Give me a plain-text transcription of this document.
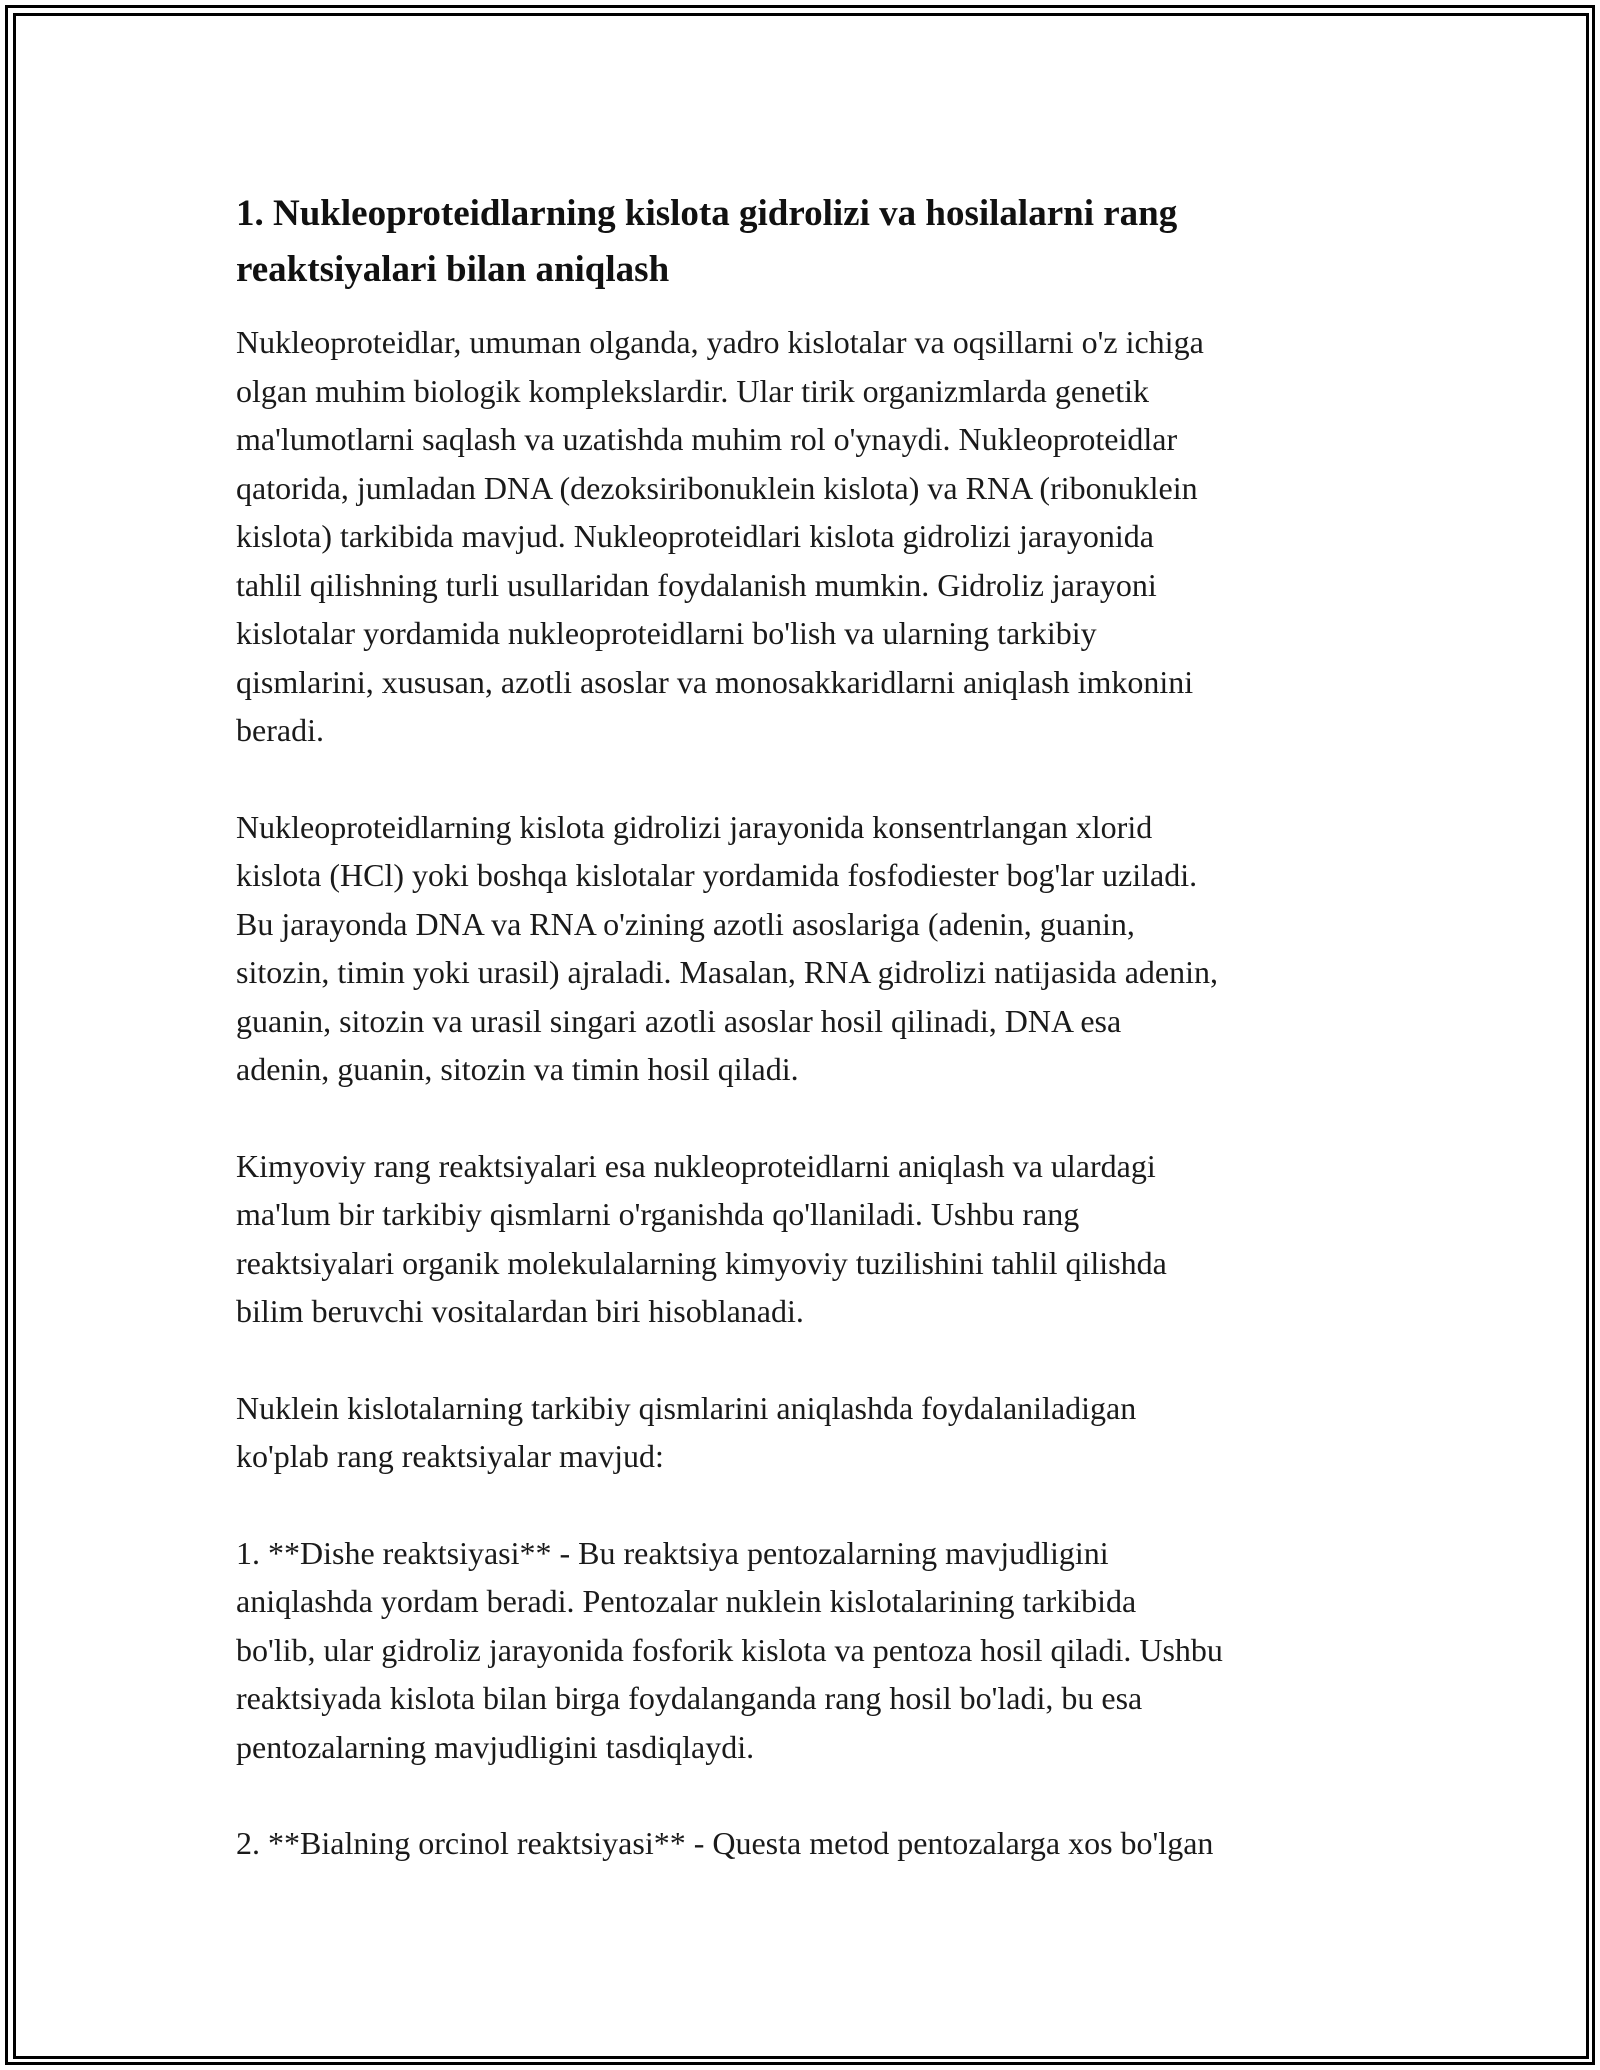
1. Nukleoproteidlarning kislota gidrolizi va hosilalarni rang
reaktsiyalari bilan aniqlash
Nukleoproteidlar, umuman olganda, yadro kislotalar va oqsillarni o'z ichiga
olgan muhim biologik komplekslardir. Ular tirik organizmlarda genetik
ma'lumotlarni saqlash va uzatishda muhim rol o'ynaydi. Nukleoproteidlar
qatorida, jumladan DNA (dezoksiribonuklein kislota) va RNA (ribonuklein
kislota) tarkibida mavjud. Nukleoproteidlari kislota gidrolizi jarayonida
tahlil qilishning turli usullaridan foydalanish mumkin. Gidroliz jarayoni
kislotalar yordamida nukleoproteidlarni bo'lish va ularning tarkibiy
qismlarini, xususan, azotli asoslar va monosakkaridlarni aniqlash imkonini
beradi.
Nukleoproteidlarning kislota gidrolizi jarayonida konsentrlangan xlorid
kislota (HCl) yoki boshqa kislotalar yordamida fosfodiester bog'lar uziladi.
Bu jarayonda DNA va RNA o'zining azotli asoslariga (adenin, guanin,
sitozin, timin yoki urasil) ajraladi. Masalan, RNA gidrolizi natijasida adenin,
guanin, sitozin va urasil singari azotli asoslar hosil qilinadi, DNA esa
adenin, guanin, sitozin va timin hosil qiladi.
Kimyoviy rang reaktsiyalari esa nukleoproteidlarni aniqlash va ulardagi
ma'lum bir tarkibiy qismlarni o'rganishda qo'llaniladi. Ushbu rang
reaktsiyalari organik molekulalarning kimyoviy tuzilishini tahlil qilishda
bilim beruvchi vositalardan biri hisoblanadi.
Nuklein kislotalarning tarkibiy qismlarini aniqlashda foydalaniladigan
ko'plab rang reaktsiyalar mavjud:
1. **Dishe reaktsiyasi** - Bu reaktsiya pentozalarning mavjudligini
aniqlashda yordam beradi. Pentozalar nuklein kislotalarining tarkibida
bo'lib, ular gidroliz jarayonida fosforik kislota va pentoza hosil qiladi. Ushbu
reaktsiyada kislota bilan birga foydalanganda rang hosil bo'ladi, bu esa
pentozalarning mavjudligini tasdiqlaydi.
2. **Bialning orcinol reaktsiyasi** - Questa metod pentozalarga xos bo'lgan
